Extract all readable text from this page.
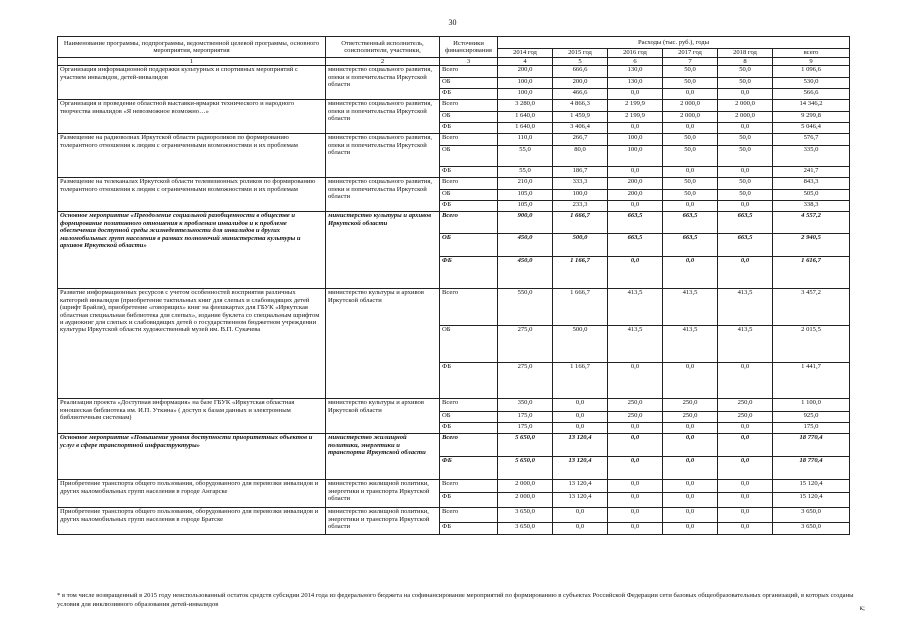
30
Наименование программы, подпрограммы, ведомственной целевой программы, основного мероприятия, мероприятия	Ответственный исполнитель, соисполнители, участники,	Источники финансирования	Расходы (тыс. руб.), годы					
			2014 год	2015 год	2016 год	2017 год	2018 год	всего
1	2	3	4	5	6	7	8	9
Организация информационной поддержки культурных и спортивных мероприятий с участием инвалидов, детей-инвалидов	министерство социального развития, опеки и попечительства Иркутской области	Всего	200,0	666,6	130,0	50,0	50,0	1 096,6
		ОБ	100,0	200,0	130,0	50,0	50,0	530,0
		ФБ	100,0	466,6	0,0	0,0	0,0	566,6
Организация и проведение областной выставки-ярмарки технического и народного творчества инвалидов «Я невозможное возможно…»	министерство социального развития, опеки и попечительства Иркутской области	Всего	3 280,0	4 866,3	2 199,9	2 000,0	2 000,0	14 346,2
		ОБ	1 640,0	1 459,9	2 199,9	2 000,0	2 000,0	9 299,8
		ФБ	1 640,0	3 406,4	0,0	0,0	0,0	5 046,4
Размещение на радиоволнах Иркутской области радиороликов по формированию толерантного отношения к людям с ограниченными возможностями и их проблемам	министерство социального развития, опеки и попечительства Иркутской области	Всего	110,0	266,7	100,0	50,0	50,0	576,7
		ОБ	55,0	80,0	100,0	50,0	50,0	335,0
		ФБ	55,0	186,7	0,0	0,0	0,0	241,7
Размещение на телеканалах Иркутской области телевизионных роликов по формированию толерантного отношения к людям с ограниченными возможностями и их проблемам	министерство социального развития, опеки и попечительства Иркутской области	Всего	210,0	333,3	200,0	50,0	50,0	843,3
		ОБ	105,0	100,0	200,0	50,0	50,0	505,0
		ФБ	105,0	233,3	0,0	0,0	0,0	338,3
Основное мероприятие «Преодоление социальной разобщенности в обществе и формирование позитивного отношения к проблемам инвалидов и к проблеме обеспечения доступной среды жизнедеятельности для инвалидов и других маломобильных групп населения в рамках полномочий министерства культуры и архивов Иркутской области»	министерство культуры и архивов Иркутской области	Всего	900,0	1 666,7	663,5	663,5	663,5	4 557,2
		ОБ	450,0	500,0	663,5	663,5	663,5	2 940,5
		ФБ	450,0	1 166,7	0,0	0,0	0,0	1 616,7
Развитие информационных ресурсов с учетом особенностей восприятия различных категорий инвалидов (приобретение тактильных книг для слепых и слабовидящих детей (шрифт Брайля), приобретение «говорящих» книг на флешкартах для ГБУК «Иркутская областная специальная библиотека для слепых», издание буклета со специальным шрифтом и аудиокниг для слепых и слабовидящих детей о государственном бюджетном учреждении культуры Иркутской области художественный музей им. В.П. Сукачева	министерство культуры и архивов Иркутской области	Всего	550,0	1 666,7	413,5	413,5	413,5	3 457,2
		ОБ	275,0	500,0	413,5	413,5	413,5	2 015,5
		ФБ	275,0	1 166,7	0,0	0,0	0,0	1 441,7
Реализация проекта «Доступная информация» на базе ГБУК «Иркутская областная юношеская библиотека им. И.П. Уткина» ( доступ к базам данных и электронным библиотечным системам)	министерство культуры и архивов Иркутской области	Всего	350,0	0,0	250,0	250,0	250,0	1 100,0
		ОБ	175,0	0,0	250,0	250,0	250,0	925,0
		ФБ	175,0	0,0	0,0	0,0	0,0	175,0
Основное мероприятие «Повышение уровня доступности приоритетных объектов и услуг в сфере транспортной инфраструктуры»	министерство жилищной политики, энергетики и транспорта Иркутской области	Всего	5 650,0	13 120,4	0,0	0,0	0,0	18 770,4
		ФБ	5 650,0	13 120,4	0,0	0,0	0,0	18 770,4
Приобретение транспорта общего пользования, оборудованного для перевозки инвалидов и других маломобильных групп населения в городе Ангарске	министерство жилищной политики, энергетики и транспорта Иркутской области	Всего	2 000,0	13 120,4	0,0	0,0	0,0	15 120,4
		ФБ	2 000,0	13 120,4	0,0	0,0	0,0	15 120,4
Приобретение транспорта общего пользования, оборудованного для перевозки инвалидов и других маломобильных групп населения в городе Братске	министерство жилищной политики, энергетики и транспорта Иркутской области	Всего	3 650,0	0,0	0,0	0,0	0,0	3 650,0
		ФБ	3 650,0	0,0	0,0	0,0	0,0	3 650,0
* в том числе возвращенный в 2015 году неиспользованный остаток средств субсидии 2014 года из федерального бюджета на софинансирование мероприятий по формированию в субъектах Российской Федерации сети базовых общеобразовательных организаций, в которых созданы условия для инклюзивного образования детей-инвалидов	к;
